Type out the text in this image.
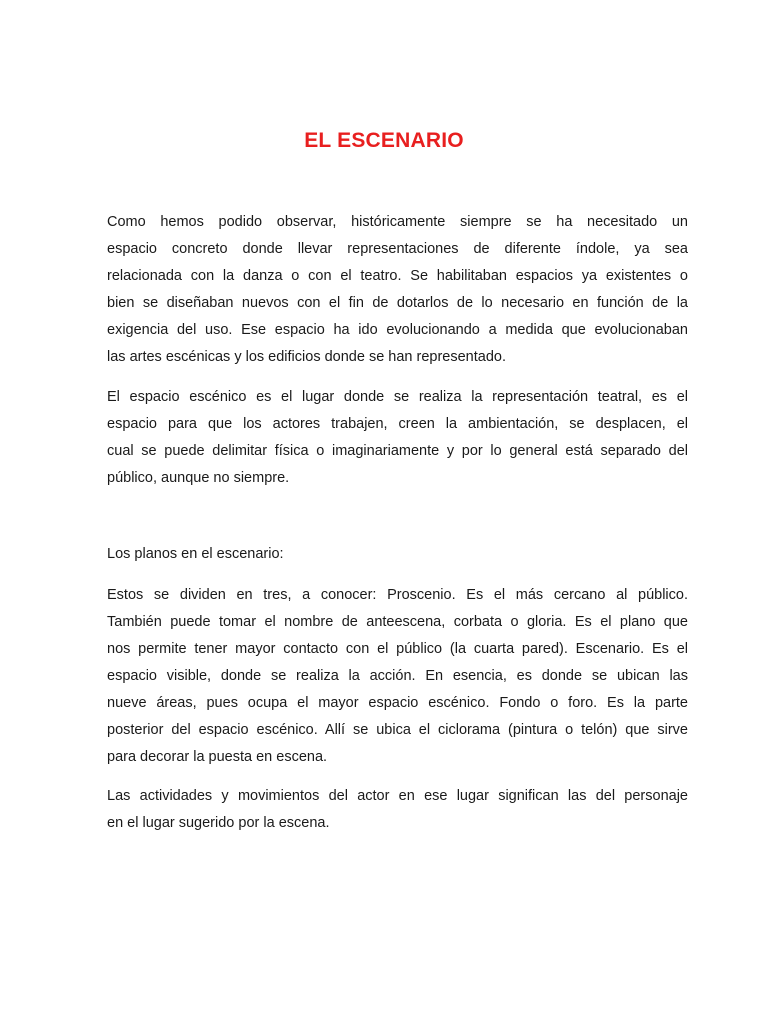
EL ESCENARIO
Como hemos podido observar, históricamente siempre se ha necesitado un
espacio concreto donde llevar representaciones de diferente índole, ya sea
relacionada con la danza o con el teatro. Se habilitaban espacios ya existentes o
bien se diseñaban nuevos con el fin de dotarlos de lo necesario en función de la
exigencia del uso. Ese espacio ha ido evolucionando a medida que evolucionaban
las artes escénicas y los edificios donde se han representado.
El espacio escénico es el lugar donde se realiza la representación teatral, es el
espacio para que los actores trabajen, creen la ambientación, se desplacen, el
cual se puede delimitar física o imaginariamente y por lo general está separado del
público, aunque no siempre.
Los planos en el escenario:
Estos se dividen en tres, a conocer: Proscenio. Es el más cercano al público.
También puede tomar el nombre de anteescena, corbata o gloria. Es el plano que
nos permite tener mayor contacto con el público (la cuarta pared). Escenario. Es el
espacio visible, donde se realiza la acción. En esencia, es donde se ubican las
nueve áreas, pues ocupa el mayor espacio escénico. Fondo o foro. Es la parte
posterior del espacio escénico. Allí se ubica el ciclorama (pintura o telón) que sirve
para decorar la puesta en escena.
Las actividades y movimientos del actor en ese lugar significan las del personaje
en el lugar sugerido por la escena.
